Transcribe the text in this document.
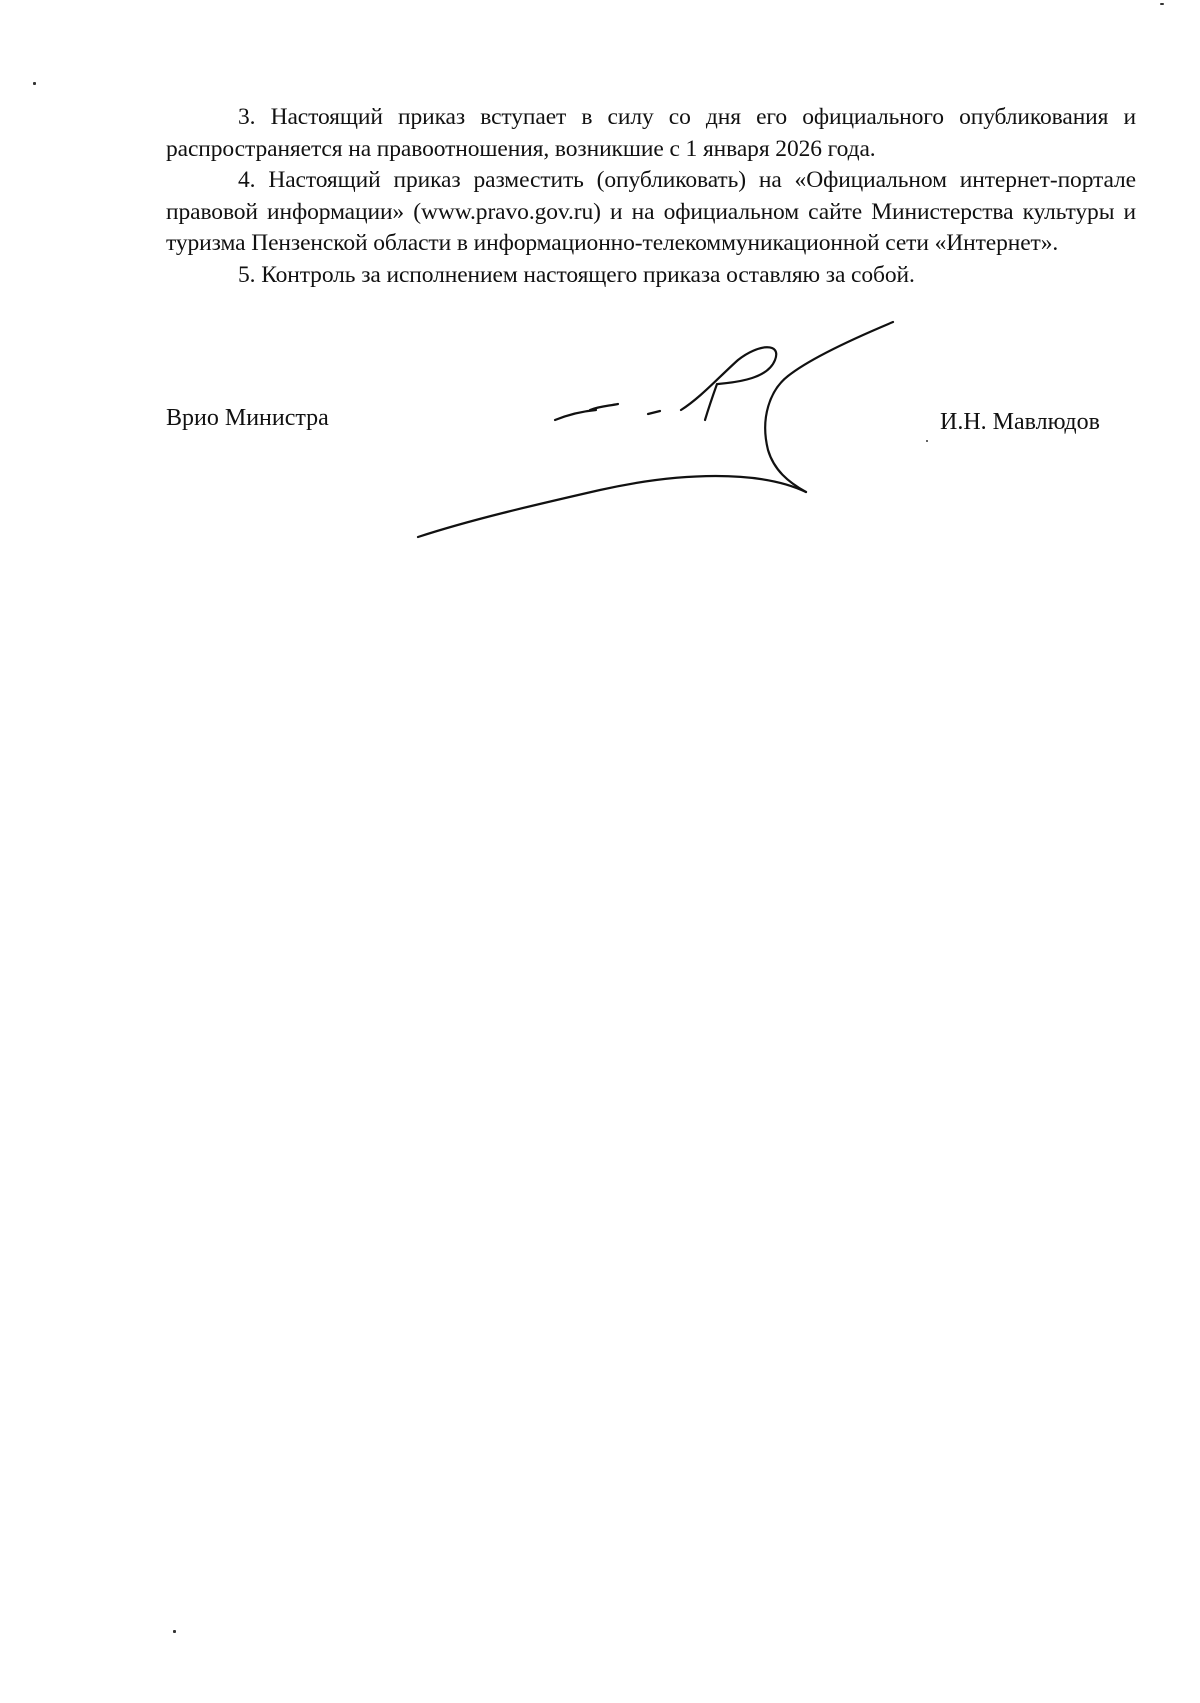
3. Настоящий приказ вступает в силу со дня его официального опубликования и распространяется на правоотношения, возникшие с 1 января 2026 года.

4. Настоящий приказ разместить (опубликовать) на «Официальном интернет-портале правовой информации» (www.pravo.gov.ru) и на официальном сайте Министерства культуры и туризма Пензенской области в информационно-телекоммуникационной сети «Интернет».

5. Контроль за исполнением настоящего приказа оставляю за собой.

Врио Министра	И.Н. Мавлюдов
